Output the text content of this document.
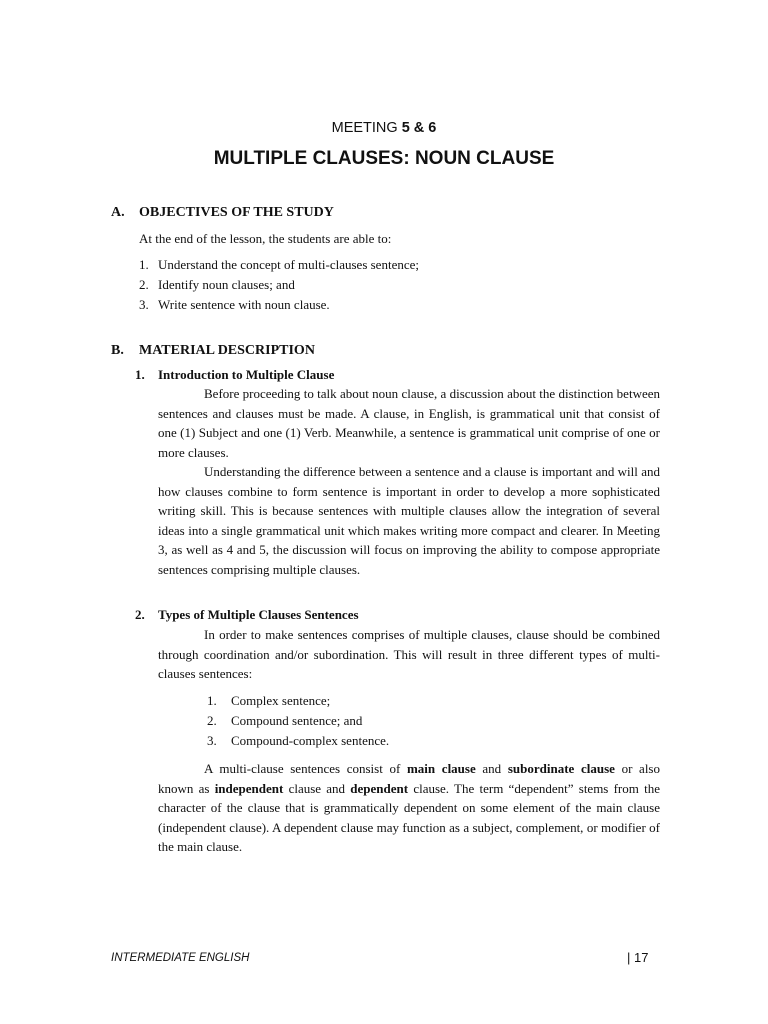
MEETING 5 & 6
MULTIPLE CLAUSES: NOUN CLAUSE
A. OBJECTIVES OF THE STUDY
At the end of the lesson, the students are able to:
1. Understand the concept of multi-clauses sentence;
2. Identify noun clauses; and
3. Write sentence with noun clause.
B. MATERIAL DESCRIPTION
1. Introduction to Multiple Clause

Before proceeding to talk about noun clause, a discussion about the distinction between sentences and clauses must be made. A clause, in English, is grammatical unit that consist of one (1) Subject and one (1) Verb. Meanwhile, a sentence is grammatical unit comprise of one or more clauses.

Understanding the difference between a sentence and a clause is important and will and how clauses combine to form sentence is important in order to develop a more sophisticated writing skill. This is because sentences with multiple clauses allow the integration of several ideas into a single grammatical unit which makes writing more compact and clearer. In Meeting 3, as well as 4 and 5, the discussion will focus on improving the ability to compose appropriate sentences comprising multiple clauses.

2. Types of Multiple Clauses Sentences

In order to make sentences comprises of multiple clauses, clause should be combined through coordination and/or subordination. This will result in three different types of multi-clauses sentences:

1. Complex sentence;
2. Compound sentence; and
3. Compound-complex sentence.

A multi-clause sentences consist of main clause and subordinate clause or also known as independent clause and dependent clause. The term “dependent” stems from the character of the clause that is grammatically dependent on some element of the main clause (independent clause). A dependent clause may function as a subject, complement, or modifier of the main clause.

INTERMEDIATE ENGLISH	| 17
